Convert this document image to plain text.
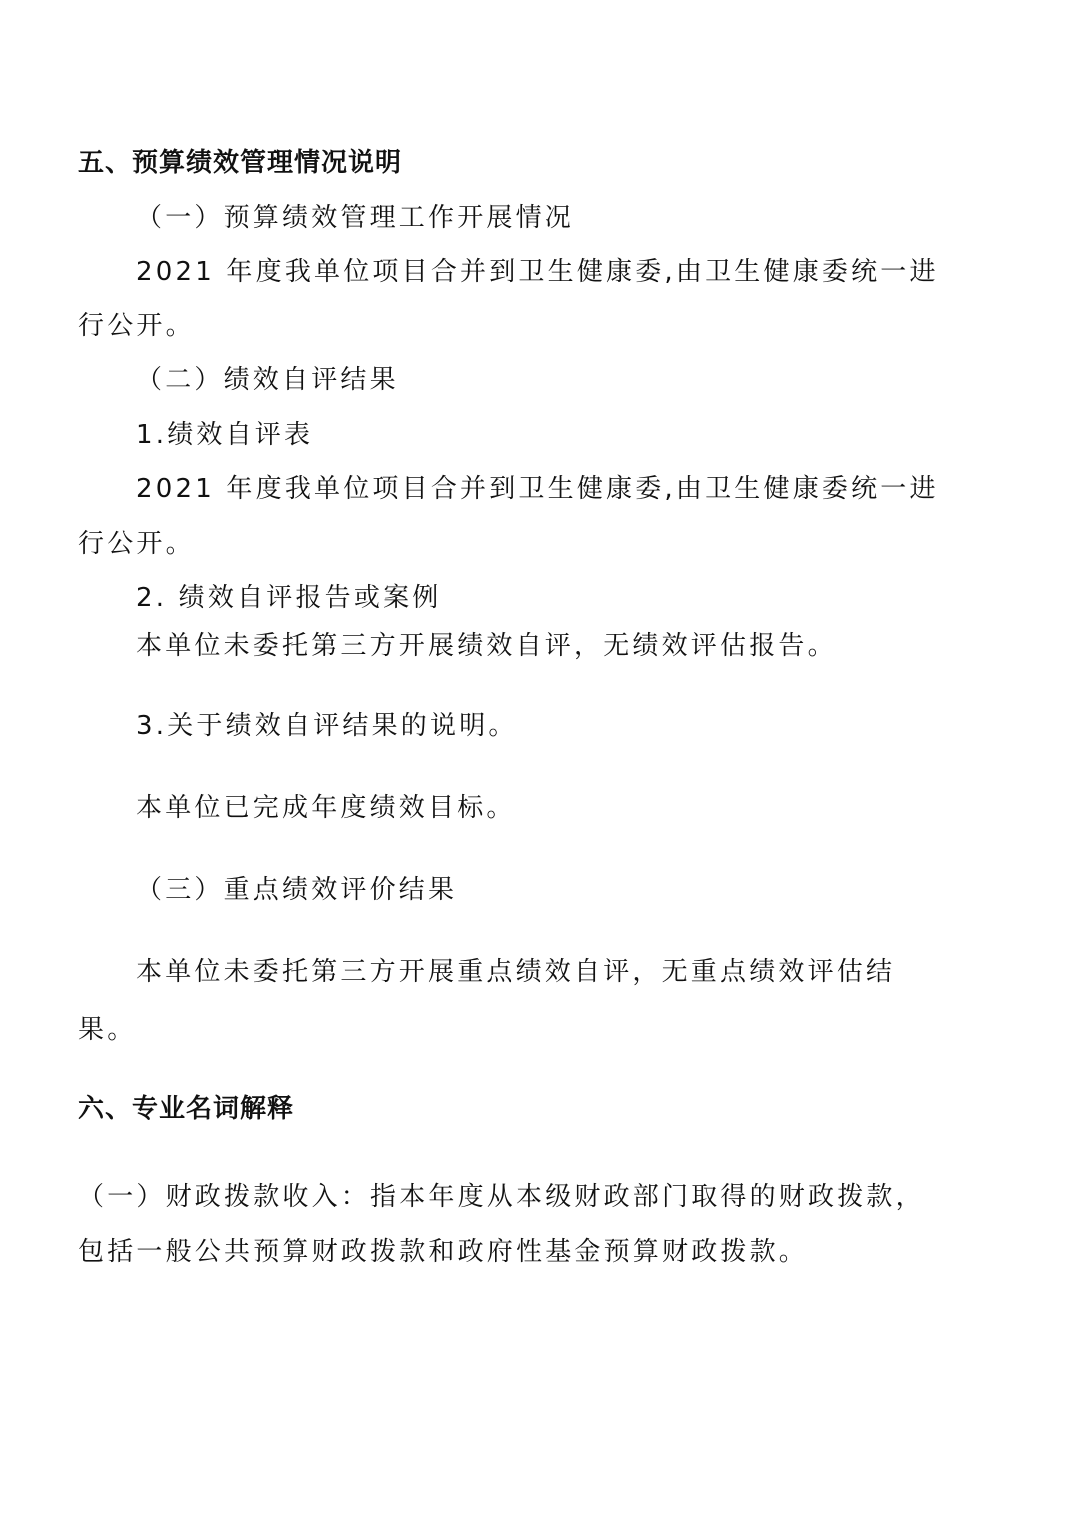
五、预算绩效管理情况说明
（一）预算绩效管理工作开展情况
2021 年度我单位项目合并到卫生健康委,由卫生健康委统一进
行公开。
（二）绩效自评结果
1.绩效自评表
2021 年度我单位项目合并到卫生健康委,由卫生健康委统一进
行公开。
2. 绩效自评报告或案例
本单位未委托第三方开展绩效自评，无绩效评估报告。
3.关于绩效自评结果的说明。
本单位已完成年度绩效目标。
（三）重点绩效评价结果
本单位未委托第三方开展重点绩效自评，无重点绩效评估结
果。
六、专业名词解释
（一）财政拨款收入：指本年度从本级财政部门取得的财政拨款，
包括一般公共预算财政拨款和政府性基金预算财政拨款。
